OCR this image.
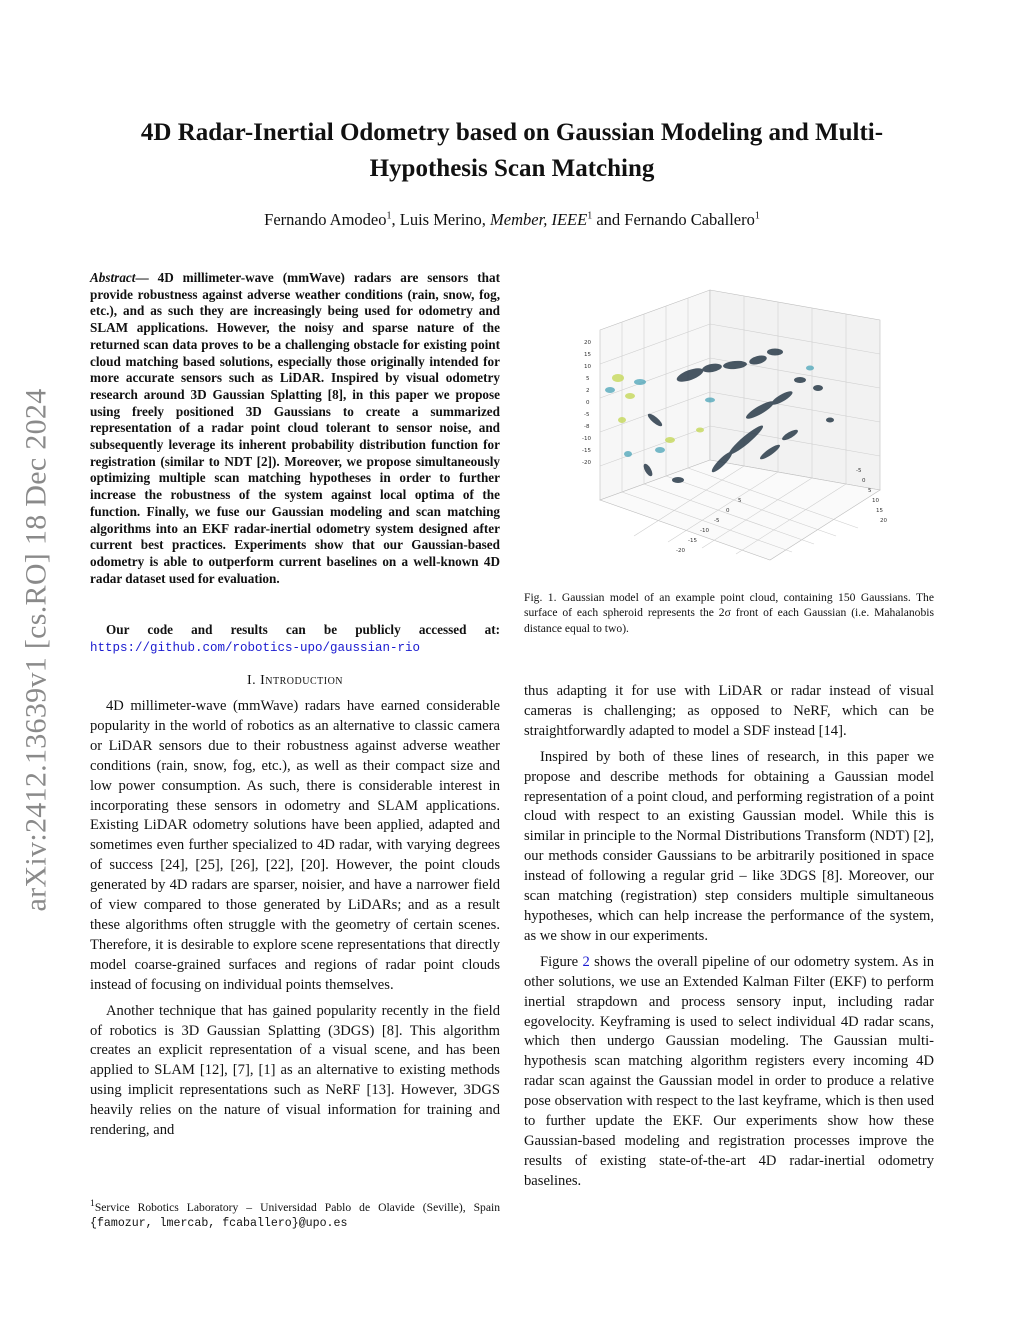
arXiv:2412.13639v1 [cs.RO] 18 Dec 2024
4D Radar-Inertial Odometry based on Gaussian Modeling and Multi-Hypothesis Scan Matching
Fernando Amodeo$^1$, Luis Merino, Member, IEEE$^1$ and Fernando Caballero$^1$

Abstract— 4D millimeter-wave (mmWave) radars are sensors that provide robustness against adverse weather conditions (rain, snow, fog, etc.), and as such they are increasingly being used for odometry and SLAM applications. However, the noisy and sparse nature of the returned scan data proves to be a challenging obstacle for existing point cloud matching based solutions, especially those originally intended for more accurate sensors such as LiDAR. Inspired by visual odometry research around 3D Gaussian Splatting [8], in this paper we propose using freely positioned 3D Gaussians to create a summarized representation of a radar point cloud tolerant to sensor noise, and subsequently leverage its inherent probability distribution function for registration (similar to NDT [2]). Moreover, we propose simultaneously optimizing multiple scan matching hypotheses in order to further increase the robustness of the system against local optima of the function. Finally, we fuse our Gaussian modeling and scan matching algorithms into an EKF radar-inertial odometry system designed after current best practices. Experiments show that our Gaussian-based odometry is able to outperform current baselines on a well-known 4D radar dataset used for evaluation.

Our code and results can be publicly accessed at: https://github.com/robotics-upo/gaussian-rio

I. Introduction

4D millimeter-wave (mmWave) radars have earned considerable popularity in the world of robotics as an alternative to classic camera or LiDAR sensors due to their robustness against adverse weather conditions (rain, snow, fog, etc.), as well as their compact size and low power consumption. As such, there is considerable interest in incorporating these sensors in odometry and SLAM applications. Existing LiDAR odometry solutions have been applied, adapted and sometimes even further specialized to 4D radar, with varying degrees of success [24], [25], [26], [22], [20]. However, the point clouds generated by 4D radars are sparser, noisier, and have a narrower field of view compared to those generated by LiDARs; and as a result these algorithms often struggle with the geometry of certain scenes. Therefore, it is desirable to explore scene representations that directly model coarse-grained surfaces and regions of radar point clouds instead of focusing on individual points themselves.

Another technique that has gained popularity recently in the field of robotics is 3D Gaussian Splatting (3DGS) [8]. This algorithm creates an explicit representation of a visual scene, and has been applied to SLAM [12], [7], [1] as an alternative to existing methods using implicit representations such as NeRF [13]. However, 3DGS heavily relies on the nature of visual information for training and rendering, and

$^1$Service Robotics Laboratory – Universidad Pablo de Olavide (Seville), Spain {famozur, lmercab, fcaballero}@upo.es
20
15
10
5
2
0
-5
-8
-10
-15
-20
-20
-15
-10
-5
0
5
-5
0
5
10
15
20
Fig. 1. Gaussian model of an example point cloud, containing 150 Gaussians. The surface of each spheroid represents the 2σ front of each Gaussian (i.e. Mahalanobis distance equal to two).

thus adapting it for use with LiDAR or radar instead of visual cameras is challenging; as opposed to NeRF, which can be straightforwardly adapted to model a SDF instead [14].

Inspired by both of these lines of research, in this paper we propose and describe methods for obtaining a Gaussian model representation of a point cloud, and performing registration of a point cloud with respect to an existing Gaussian model. While this is similar in principle to the Normal Distributions Transform (NDT) [2], our methods consider Gaussians to be arbitrarily positioned in space instead of following a regular grid – like 3DGS [8]. Moreover, our scan matching (registration) step considers multiple simultaneous hypotheses, which can help increase the performance of the system, as we show in our experiments.

Figure 2 shows the overall pipeline of our odometry system. As in other solutions, we use an Extended Kalman Filter (EKF) to perform inertial strapdown and process sensory input, including radar egovelocity. Keyframing is used to select individual 4D radar scans, which then undergo Gaussian modeling. The Gaussian multi-hypothesis scan matching algorithm registers every incoming 4D radar scan against the Gaussian model in order to produce a relative pose observation with respect to the last keyframe, which is then used to further update the EKF. Our experiments show how these Gaussian-based modeling and registration processes improve the results of existing state-of-the-art 4D radar-inertial odometry baselines.
